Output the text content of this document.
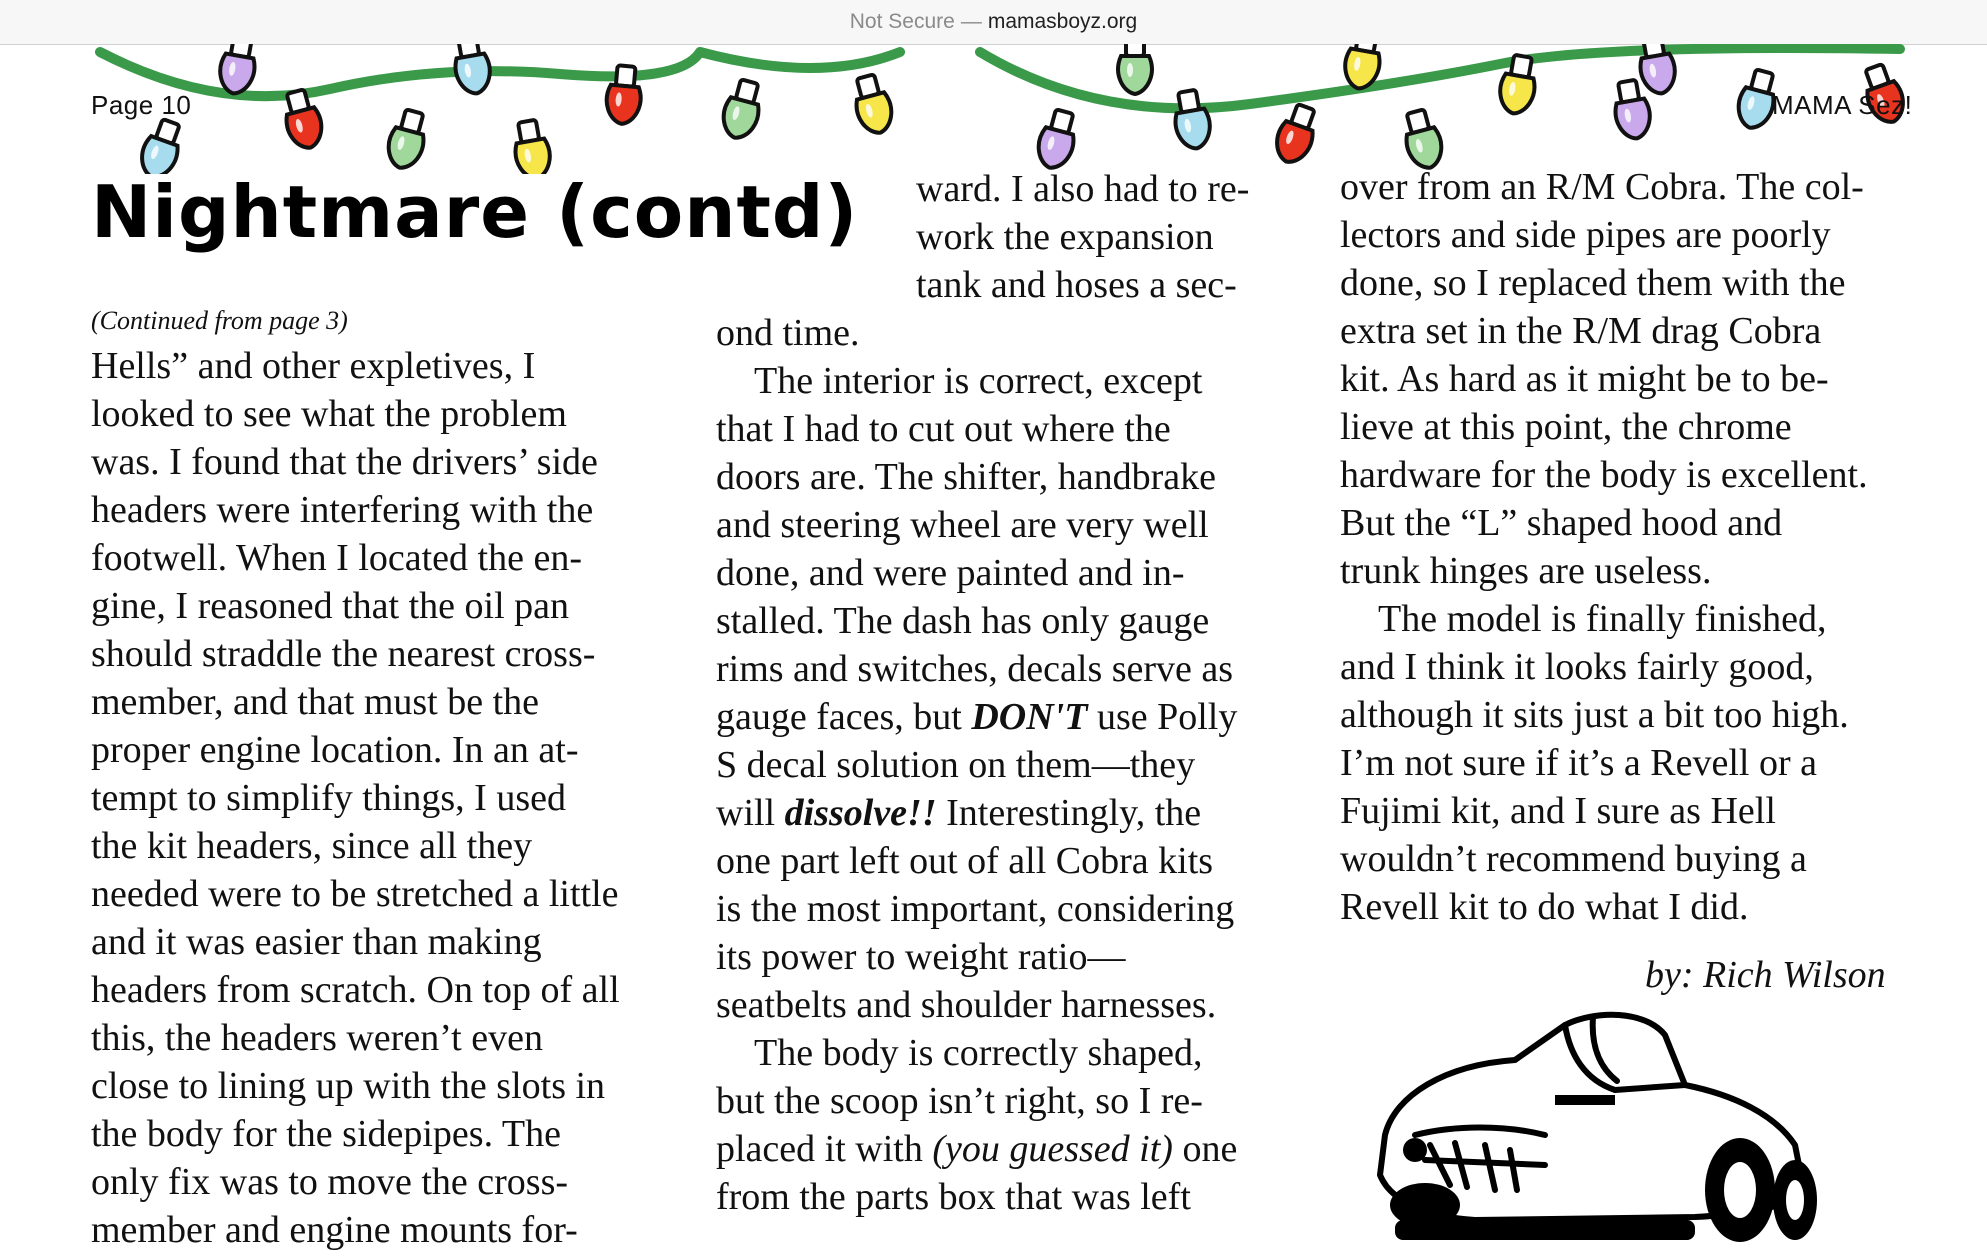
Not Secure — mamasboyz.org
Page 10	MAMA Sez!
Nightmare (contd)
(Continued from page 3)
Hells” and other expletives, I
looked to see what the problem
was. I found that the drivers’ side
headers were interfering with the
footwell. When I located the en-
gine, I reasoned that the oil pan
should straddle the nearest cross-
member, and that must be the
proper engine location. In an at-
tempt to simplify things, I used
the kit headers, since all they
needed were to be stretched a little
and it was easier than making
headers from scratch. On top of all
this, the headers weren’t even
close to lining up with the slots in
the body for the sidepipes. The
only fix was to move the cross-
member and engine mounts for-
ward. I also had to re-
work the expansion
tank and hoses a sec-
ond time.
The interior is correct, except
that I had to cut out where the
doors are. The shifter, handbrake
and steering wheel are very well
done, and were painted and in-
stalled. The dash has only gauge
rims and switches, decals serve as
gauge faces, but DON'T use Polly
S decal solution on them—they
will dissolve!! Interestingly, the
one part left out of all Cobra kits
is the most important, considering
its power to weight ratio—
seatbelts and shoulder harnesses.
The body is correctly shaped,
but the scoop isn’t right, so I re-
placed it with (you guessed it) one
from the parts box that was left
over from an R/M Cobra. The col-
lectors and side pipes are poorly
done, so I replaced them with the
extra set in the R/M drag Cobra
kit. As hard as it might be to be-
lieve at this point, the chrome
hardware for the body is excellent.
But the “L” shaped hood and
trunk hinges are useless.
The model is finally finished,
and I think it looks fairly good,
although it sits just a bit too high.
I’m not sure if it’s a Revell or a
Fujimi kit, and I sure as Hell
wouldn’t recommend buying a
Revell kit to do what I did.
by: Rich Wilson
